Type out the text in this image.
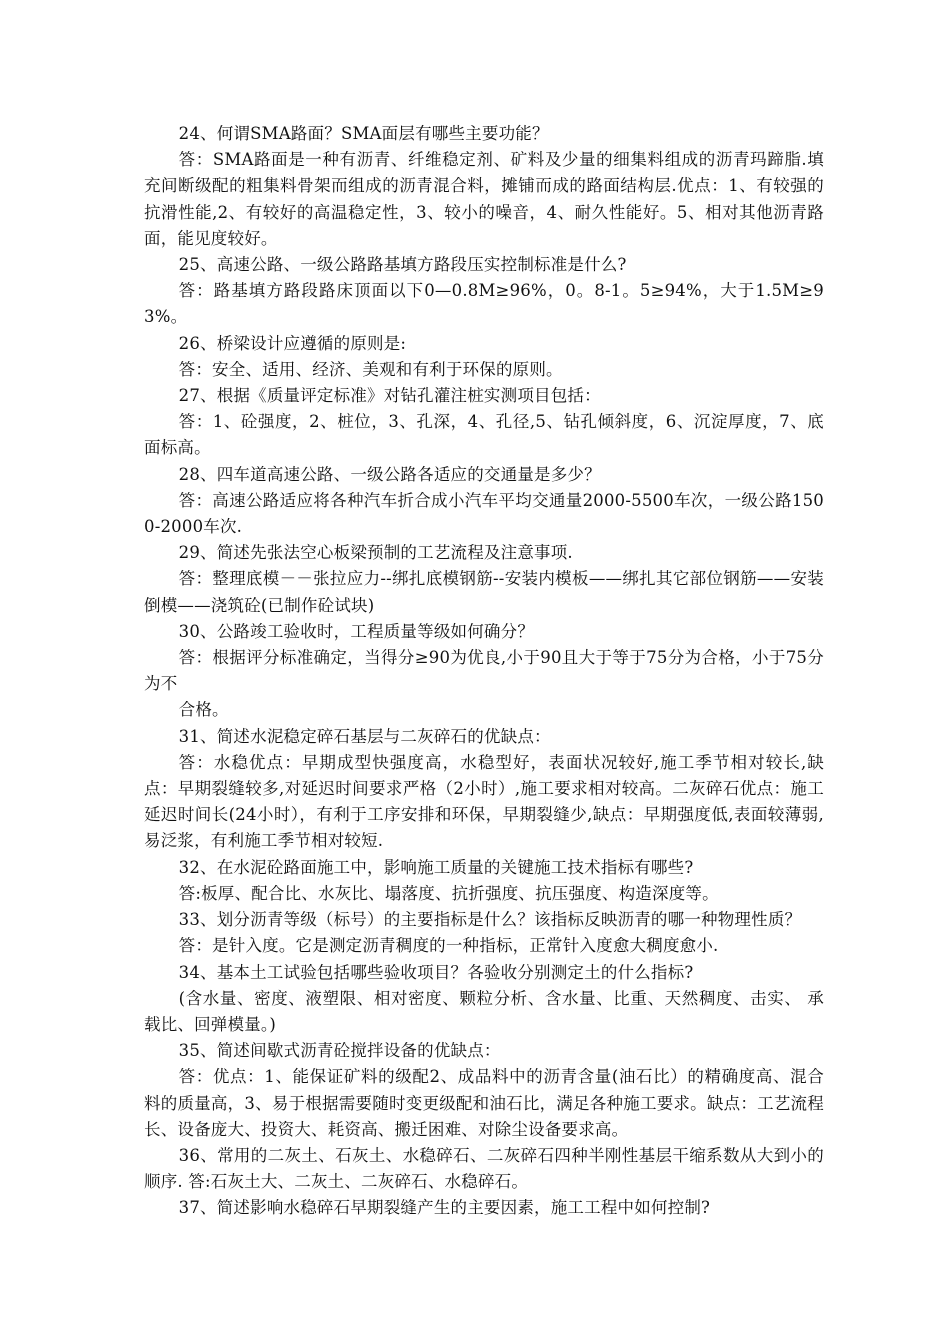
24、何谓SMA路面？SMA面层有哪些主要功能？

答：SMA路面是一种有沥青、纤维稳定剂、矿料及少量的细集料组成的沥青玛蹄脂.填充间断级配的粗集料骨架而组成的沥青混合料，摊铺而成的路面结构层.优点：1、有较强的抗滑性能,2、有较好的高温稳定性，3、较小的噪音，4、耐久性能好。5、相对其他沥青路面，能见度较好。

25、高速公路、一级公路路基填方路段压实控制标准是什么?

答：路基填方路段路床顶面以下0—0.8M≥96%，0。8-1。5≥94%，大于1.5M≥93%。

26、桥梁设计应遵循的原则是:

答：安全、适用、经济、美观和有利于环保的原则。

27、根据《质量评定标准》对钻孔灌注桩实测项目包括：

答：1、砼强度，2、桩位，3、孔深，4、孔径,5、钻孔倾斜度，6、沉淀厚度，7、底面标高。

28、四车道高速公路、一级公路各适应的交通量是多少？

答：高速公路适应将各种汽车折合成小汽车平均交通量2000-5500车次，一级公路1500-2000车次.

29、简述先张法空心板梁预制的工艺流程及注意事项.

答：整理底模－－张拉应力--绑扎底模钢筋--安装内模板——绑扎其它部位钢筋——安装倒模——浇筑砼(已制作砼试块)

30、公路竣工验收时，工程质量等级如何确分？

答：根据评分标准确定，当得分≥90为优良,小于90且大于等于75分为合格，小于75分为不

合格。

31、简述水泥稳定碎石基层与二灰碎石的优缺点：

答：水稳优点：早期成型快强度高，水稳型好，表面状况较好,施工季节相对较长,缺点：早期裂缝较多,对延迟时间要求严格（2小时）,施工要求相对较高。二灰碎石优点：施工延迟时间长(24小时），有利于工序安排和环保，早期裂缝少,缺点：早期强度低,表面较薄弱,易泛浆，有利施工季节相对较短.

32、在水泥砼路面施工中，影响施工质量的关键施工技术指标有哪些?

答:板厚、配合比、水灰比、塌落度、抗折强度、抗压强度、构造深度等。

33、划分沥青等级（标号）的主要指标是什么？该指标反映沥青的哪一种物理性质？

答：是针入度。它是测定沥青稠度的一种指标，正常针入度愈大稠度愈小.

34、基本土工试验包括哪些验收项目？各验收分别测定土的什么指标?

(含水量、密度、液塑限、相对密度、颗粒分析、含水量、比重、天然稠度、击实、 承载比、回弹模量。)

35、简述间歇式沥青砼搅拌设备的优缺点：

答：优点：1、能保证矿料的级配2、成品料中的沥青含量(油石比）的精确度高、混合料的质量高，3、易于根据需要随时变更级配和油石比，满足各种施工要求。缺点：工艺流程长、设备庞大、投资大、耗资高、搬迁困难、对除尘设备要求高。

36、常用的二灰土、石灰土、水稳碎石、二灰碎石四种半刚性基层干缩系数从大到小的顺序. 答:石灰土大、二灰土、二灰碎石、水稳碎石。

37、简述影响水稳碎石早期裂缝产生的主要因素，施工工程中如何控制?
